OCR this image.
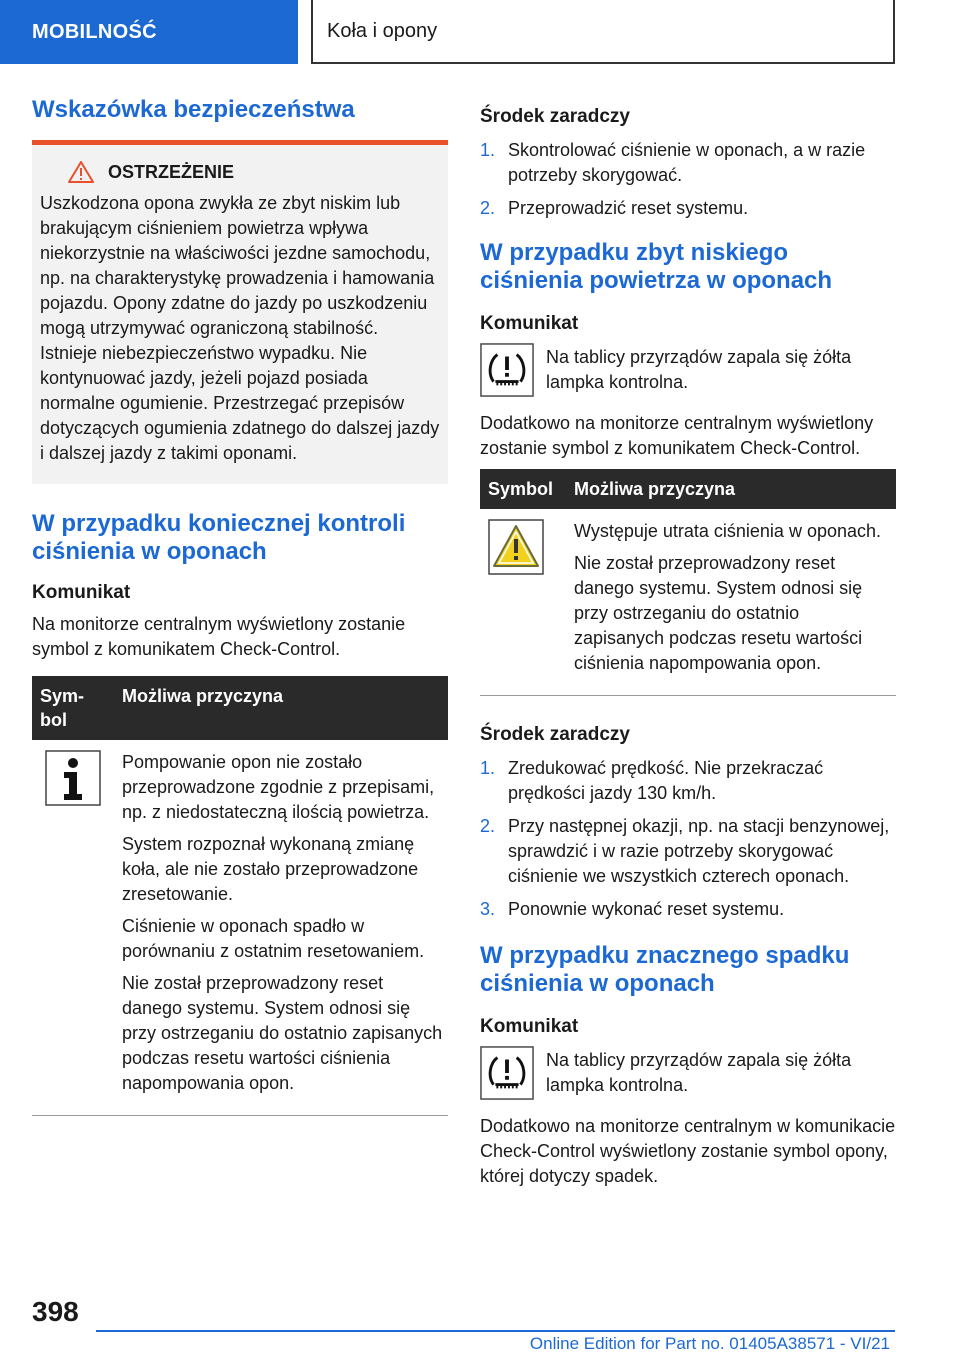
MOBILNOŚĆ	Koła i opony
Wskazówka bezpieczeństwa
OSTRZEŻENIE

Uszkodzona opona zwykła ze zbyt niskim lub brakującym ciśnieniem powietrza wpływa niekorzystnie na właściwości jezdne samochodu, np. na charakterystykę prowadzenia i hamowania pojazdu. Opony zdatne do jazdy po uszkodzeniu mogą utrzymywać ograniczoną stabilność. Istnieje niebezpieczeństwo wypadku. Nie kontynuować jazdy, jeżeli pojazd posiada normalne ogumienie. Przestrzegać przepisów dotyczących ogumienia zdatnego do dalszej jazdy i dalszej jazdy z takimi oponami.

W przypadku koniecznej kontroli ciśnienia w oponach

Komunikat

Na monitorze centralnym wyświetlony zostanie symbol z komunikatem Check-Control.

Symbol
Możliwa przyczyna

Pompowanie opon nie zostało przeprowadzone zgodnie z przepisami, np. z niedostateczną ilością powietrza.

System rozpoznał wykonaną zmianę koła, ale nie zostało przeprowadzone zresetowanie.

Ciśnienie w oponach spadło w porównaniu z ostatnim resetowaniem.

Nie został przeprowadzony reset danego systemu. System odnosi się przy ostrzeganiu do ostatnio zapisanych podczas resetu wartości ciśnienia napompowania opon.

Środek zaradczy

1. Skontrolować ciśnienie w oponach, a w razie potrzeby skorygować.
2. Przeprowadzić reset systemu.
W przypadku zbyt niskiego ciśnienia powietrza w oponach

Komunikat

Na tablicy przyrządów zapala się żółta lampka kontrolna.

Dodatkowo na monitorze centralnym wyświetlony zostanie symbol z komunikatem Check-Control.

Symbol	Możliwa przyczyna

Występuje utrata ciśnienia w oponach.

Nie został przeprowadzony reset danego systemu. System odnosi się przy ostrzeganiu do ostatnio zapisanych podczas resetu wartości ciśnienia napompowania opon.

Środek zaradczy

1. Zredukować prędkość. Nie przekraczać prędkości jazdy 130 km/h.
2. Przy następnej okazji, np. na stacji benzynowej, sprawdzić i w razie potrzeby skorygować ciśnienie we wszystkich czterech oponach.
3. Ponownie wykonać reset systemu.
W przypadku znacznego spadku ciśnienia w oponach

Komunikat

Na tablicy przyrządów zapala się żółta lampka kontrolna.

Dodatkowo na monitorze centralnym w komunikacie Check-Control wyświetlony zostanie symbol opony, której dotyczy spadek.

398
Online Edition for Part no. 01405A38571 - VI/21
